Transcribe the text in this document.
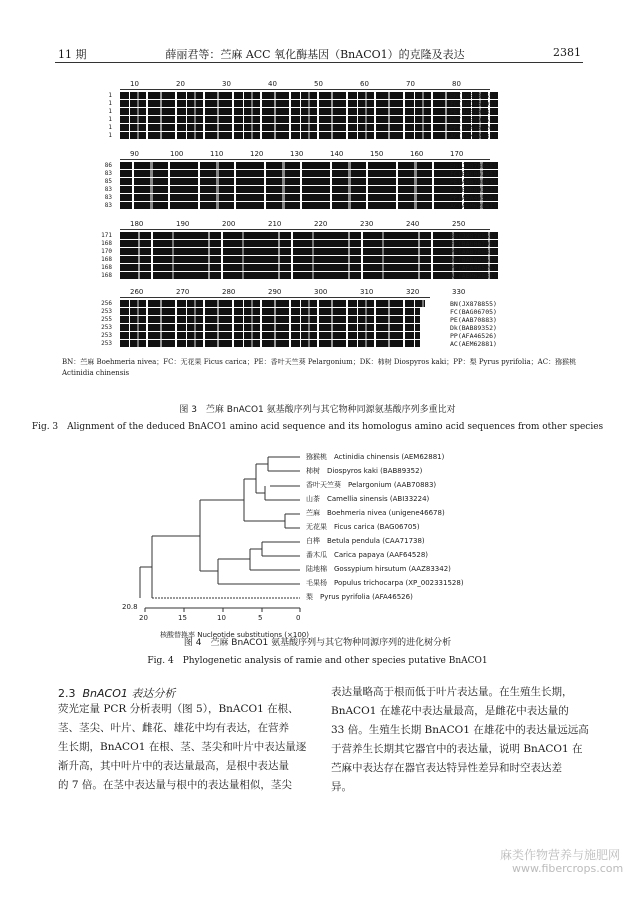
11 期	薛丽君等：苎麻 ACC 氧化酶基因（BnACO1）的克隆及表达	2381
10	20	30	40	50	60	70	80
1	BN(JX878855)
1	FC(BAG06705)
1	PE(AAB70883)
1	Dk(BAB89352)
1	PP(AFA46526)
1	AC(AEM62881)
90	100	110	120	130	140	150	160	170
86	BN(JX878855)
83	FC(BAG06705)
85	PE(AAB70883)
83	Dk(BAB89352)
83	PP(AFA46526)
83	AC(AEM62881)
180	190	200	210	220	230	240	250
171	BN(JX878855)
168	FC(BAG06705)
170	PE(AAB70883)
168	Dk(BAB89352)
168	PP(AFA46526)
168	AC(AEM62881)
260	270	280	290	300	310	320	330
256	BN(JX878855)
253	FC(BAG06705)
255	PE(AAB70883)
253	Dk(BAB89352)
253	PP(AFA46526)
253	AC(AEM62881)
BN：苎麻 Boehmeria nivea；FC：无花果 Ficus carica；PE：香叶天竺葵 Pelargonium；DK：柿树 Diospyros kaki；PP：梨 Pyrus pyrifolia；AC：猕猴桃 Actinidia chinensis
图 3　苎麻 BnACO1 氨基酸序列与其它物种同源氨基酸序列多重比对
Fig. 3　Alignment of the deduced BnACO1 amino acid sequence and its homologus amino acid sequences from other species
猕猴桃　Actinidia chinensis (AEM62881)
柿树　Diospyros kaki (BAB89352)
香叶天竺葵　Pelargonium (AAB70883)
山茶　Camellia sinensis (ABI33224)
苎麻　Boehmeria nivea (unigene46678)
无花果　Ficus carica (BAG06705)
白桦　Betula pendula (CAA71738)
番木瓜　Carica papaya (AAF64528)
陆地棉　Gossypium hirsutum (AAZ83342)
毛果杨　Populus trichocarpa (XP_002331528)
梨　Pyrus pyrifolia (AFA46526)
20.8
20	15	10	5	0
核酸替换率 Nucleotide substitutions (×100)
图 4　苎麻 BnACO1 氨基酸序列与其它物种同源序列的进化树分析
Fig. 4　Phylogenetic analysis of ramie and other species putative BnACO1
2.3 BnACO1 表达分析
荧光定量 PCR 分析表明（图 5），BnACO1 在根、
茎、茎尖、叶片、雌花、雄花中均有表达，在营养
生长期，BnACO1 在根、茎、茎尖和叶片中表达量逐
渐升高，其中叶片中的表达量最高，是根中表达量
的 7 倍。在茎中表达量与根中的表达量相似，茎尖
表达量略高于根而低于叶片表达量。在生殖生长期，
BnACO1 在雄花中表达量最高，是雌花中表达量的
33 倍。生殖生长期 BnACO1 在雄花中的表达量远远高
于营养生长期其它器官中的表达量，说明 BnACO1 在
苎麻中表达存在器官表达特异性差异和时空表达差
异。
麻类作物营养与施肥网
www.fibercrops.com
